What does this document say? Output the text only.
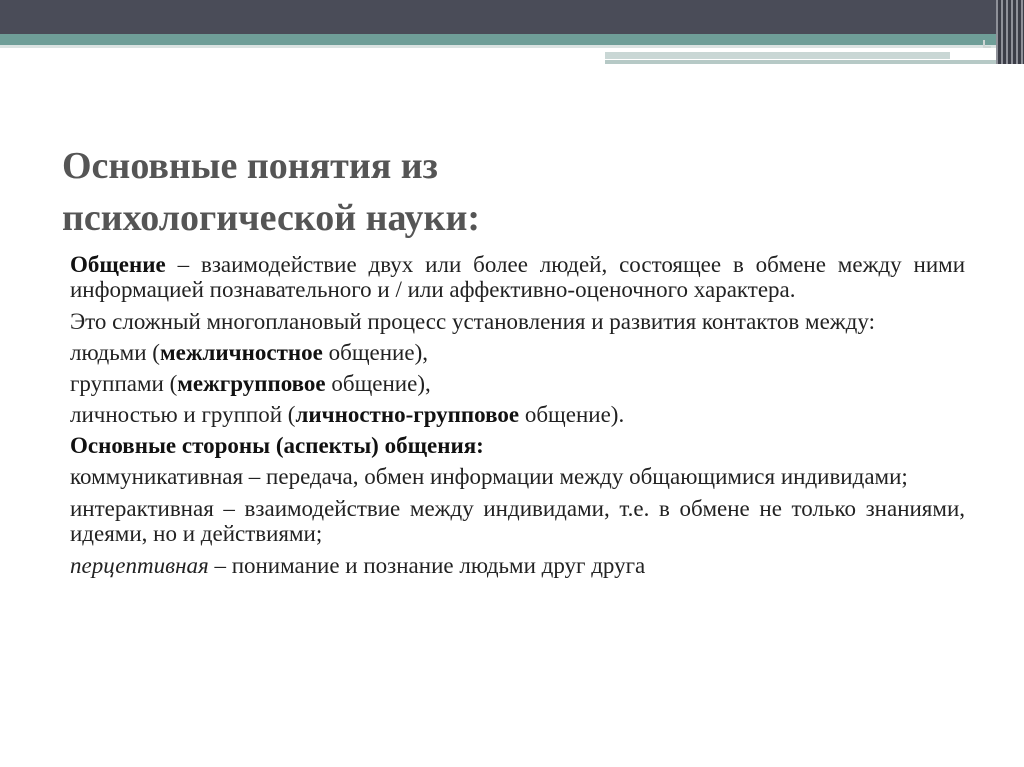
Основные понятия из
психологической науки:

Общение – взаимодействие двух или более людей, состоящее в обмене между ними информацией познавательного и / или аффективно-оценочного характера.

Это сложный многоплановый процесс установления и развития контактов между:

людьми (межличностное общение),

группами (межгрупповое общение),

личностью и группой (личностно-групповое общение).

Основные стороны (аспекты) общения:

коммуникативная – передача, обмен информации между общающимися индивидами;

интерактивная – взаимодействие между индивидами, т.е. в обмене не только знаниями, идеями, но и действиями;

перцептивная – понимание и познание людьми друг друга
